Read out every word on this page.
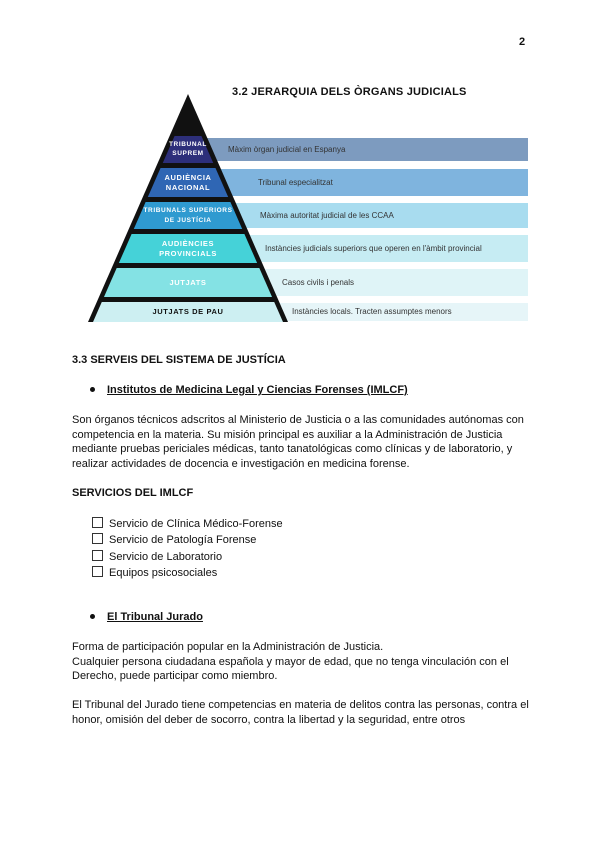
2
3.2 JERARQUIA DELS ÒRGANS JUDICIALS
Màxim òrgan judicial en Espanya
Tribunal especialitzat
Màxima autoritat judicial de les CCAA
Instàncies judicials superiors que operen en l'àmbit provincial
Casos civils i penals
Instàncies locals. Tracten assumptes menors
TRIBUNAL
SUPREM
AUDIÈNCIA
NACIONAL
TRIBUNALS SUPERIORS
DE JUSTÍCIA
AUDIÈNCIES
PROVINCIALS
JUTJATS
JUTJATS DE PAU
3.3 SERVEIS DEL SISTEMA DE JUSTÍCIA
Institutos de Medicina Legal y Ciencias Forenses (IMLCF)
Son órganos técnicos adscritos al Ministerio de Justicia o a las comunidades autónomas con competencia en la materia. Su misión principal es auxiliar a la Administración de Justicia mediante pruebas periciales médicas, tanto tanatológicas como clínicas y de laboratorio, y realizar actividades de docencia e investigación en medicina forense.
SERVICIOS DEL IMLCF
Servicio de Clínica Médico-Forense
Servicio de Patología Forense
Servicio de Laboratorio
Equipos psicosociales
El Tribunal Jurado
Forma de participación popular en la Administración de Justicia.
Cualquier persona ciudadana española y mayor de edad, que no tenga vinculación con el Derecho, puede participar como miembro.
El Tribunal del Jurado tiene competencias en materia de delitos contra las personas, contra el honor, omisión del deber de socorro, contra la libertad y la seguridad, entre otros
